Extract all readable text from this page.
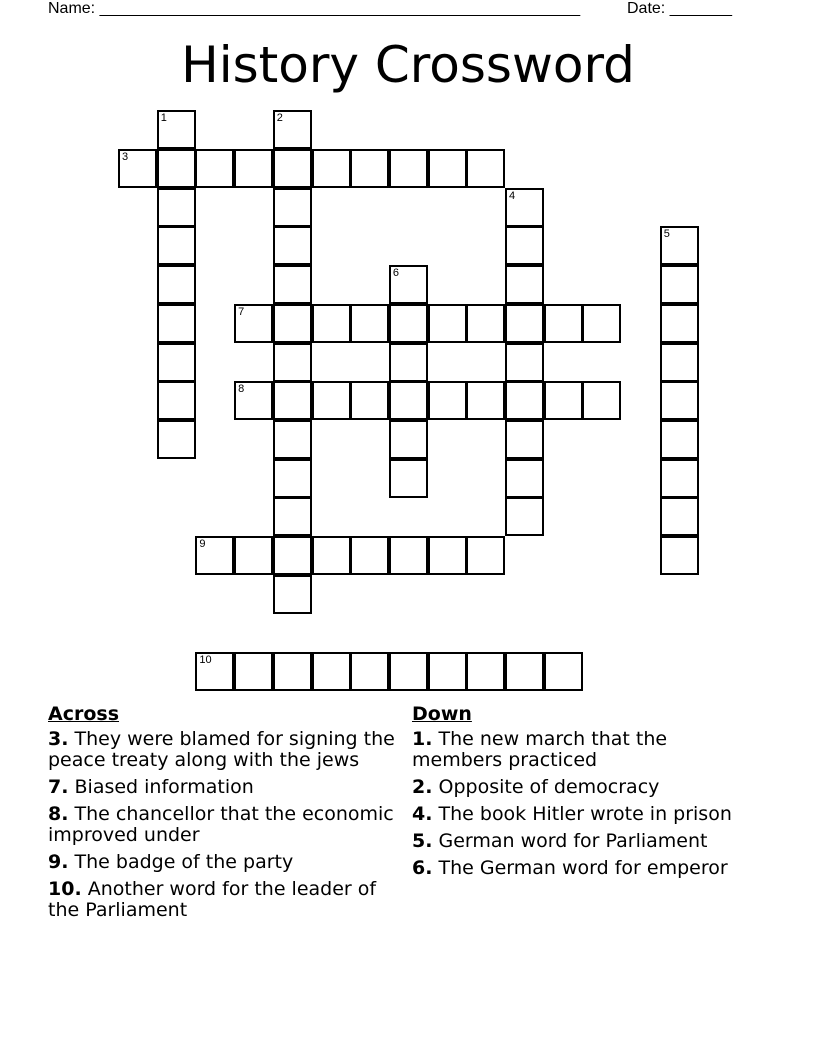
Name: ______________________________________________________	Date: _______
History Crossword
1	2
3
4
5
6
7
8
9
10
Across
3. They were blamed for signing the peace treaty along with the jews
7. Biased information
8. The chancellor that the economic improved under
9. The badge of the party
10. Another word for the leader of the Parliament
Down
1. The new march that the members practiced
2. Opposite of democracy
4. The book Hitler wrote in prison
5. German word for Parliament
6. The German word for emperor
